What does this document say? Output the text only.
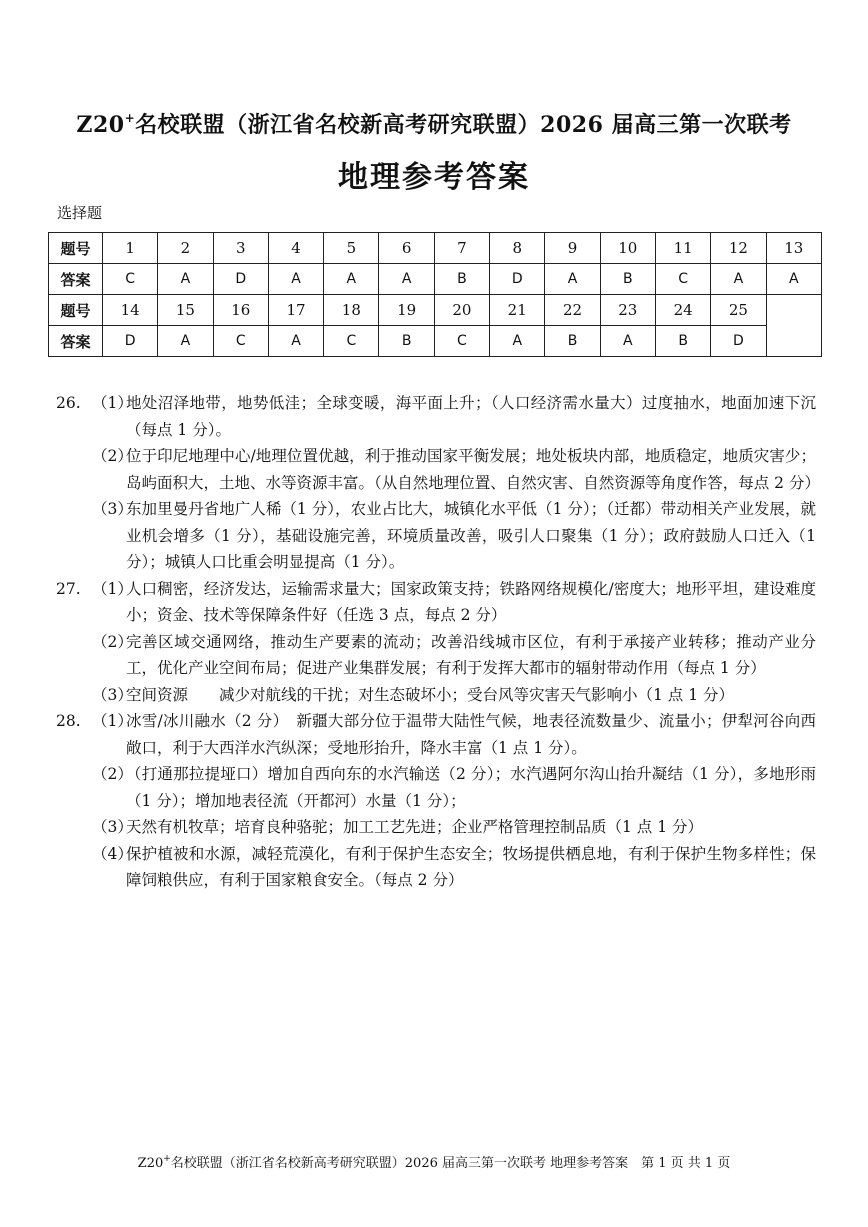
Z20+名校联盟（浙江省名校新高考研究联盟）2026 届高三第一次联考
地理参考答案
选择题
题号	1	2	3	4	5	6	7	8	9	10	11	12	13
答案	C	A	D	A	A	A	B	D	A	B	C	A	A
题号	14	15	16	17	18	19	20	21	22	23	24	25	
答案	D	A	C	A	C	B	C	A	B	A	B	D	
26. （1）
地处沼泽地带，地势低洼；全球变暖，海平面上升；（人口经济需水量大）过度抽水，地面加速下沉（每点 1 分）。
（2）
位于印尼地理中心/地理位置优越，利于推动国家平衡发展；地处板块内部，地质稳定，地质灾害少；岛屿面积大，土地、水等资源丰富。（从自然地理位置、自然灾害、自然资源等角度作答，每点 2 分）
（3）
东加里曼丹省地广人稀（1 分），农业占比大，城镇化水平低（1 分）；（迁都）带动相关产业发展，就业机会增多（1 分），基础设施完善，环境质量改善，吸引人口聚集（1 分）；政府鼓励人口迁入（1 分）；城镇人口比重会明显提高（1 分）。
27. （1）
人口稠密，经济发达，运输需求量大；国家政策支持；铁路网络规模化/密度大；地形平坦，建设难度小；资金、技术等保障条件好（任选 3 点，每点 2 分）
（2）
完善区域交通网络，推动生产要素的流动；改善沿线城市区位，有利于承接产业转移；推动产业分工，优化产业空间布局；促进产业集群发展；有利于发挥大都市的辐射带动作用（每点 1 分）
（3）
空间资源　　减少对航线的干扰；对生态破坏小；受台风等灾害天气影响小（1 点 1 分）
28. （1）
冰雪/冰川融水（2 分）　新疆大部分位于温带大陆性气候，地表径流数量少、流量小；伊犁河谷向西敞口，利于大西洋水汽纵深；受地形抬升，降水丰富（1 点 1 分）。
（2）
（打通那拉提垭口）增加自西向东的水汽输送（2 分）；水汽遇阿尔沟山抬升凝结（1 分），多地形雨（1 分）；增加地表径流（开都河）水量（1 分）；
（3）
天然有机牧草；培育良种骆驼；加工工艺先进；企业严格管理控制品质（1 点 1 分）
（4）
保护植被和水源，减轻荒漠化，有利于保护生态安全；牧场提供栖息地，有利于保护生物多样性；保障饲粮供应，有利于国家粮食安全。（每点 2 分）
Z20+名校联盟（浙江省名校新高考研究联盟）2026 届高三第一次联考 地理参考答案　第 1 页 共 1 页
